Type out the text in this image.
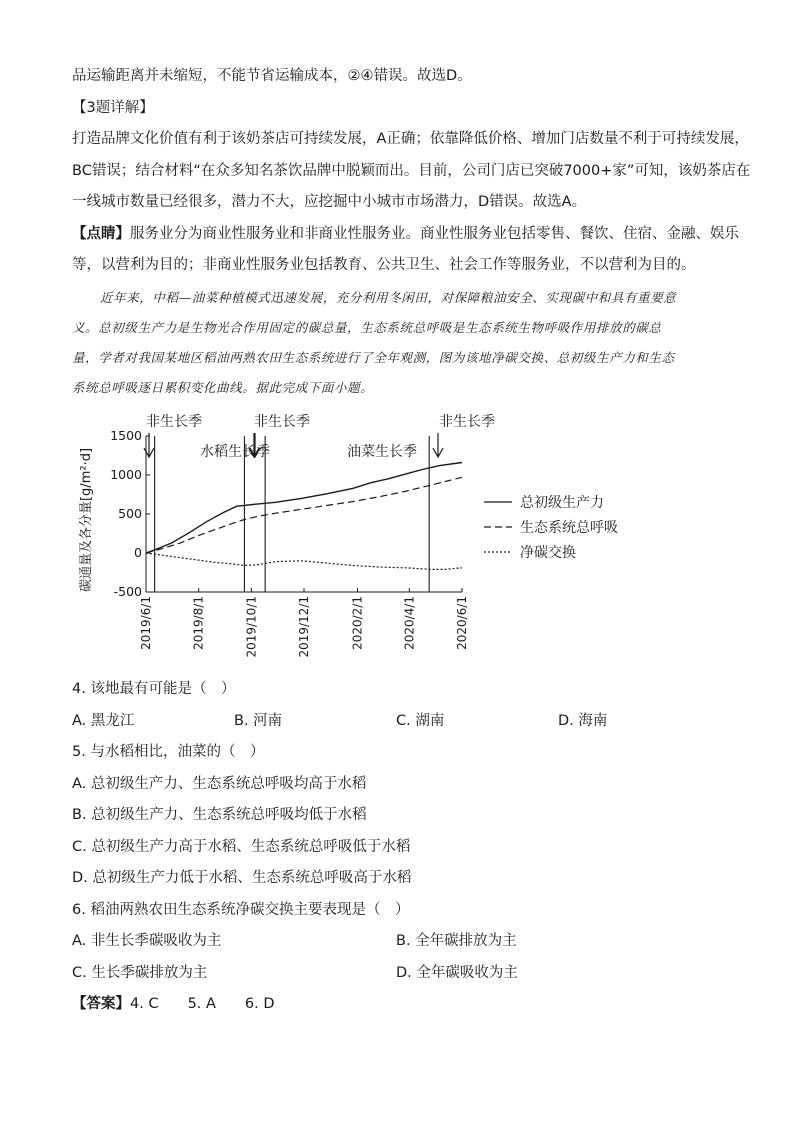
品运输距离并未缩短，不能节省运输成本，②④错误。故选D。
【3题详解】
打造品牌文化价值有利于该奶茶店可持续发展，A正确；依靠降低价格、增加门店数量不利于可持续发展，
BC错误；结合材料“在众多知名茶饮品牌中脱颖而出。目前，公司门店已突破7000+家”可知，该奶茶店在
一线城市数量已经很多，潜力不大，应挖掘中小城市市场潜力，D错误。故选A。
【点睛】服务业分为商业性服务业和非商业性服务业。商业性服务业包括零售、餐饮、住宿、金融、娱乐
等，以营利为目的；非商业性服务业包括教育、公共卫生、社会工作等服务业，不以营利为目的。
近年来，中稻—油菜种植模式迅速发展，充分利用冬闲田，对保障粮油安全、实现碳中和具有重要意
义。总初级生产力是生物光合作用固定的碳总量，生态系统总呼吸是生态系统生物呼吸作用排放的碳总
量，学者对我国某地区稻油两熟农田生态系统进行了全年观测，图为该地净碳交换、总初级生产力和生态
系统总呼吸逐日累积变化曲线。据此完成下面小题。
1500
1000
500
0
-500
2019/6/1	2019/8/1	2019/10/1	2019/12/1	2020/2/1	2020/4/1	2020/6/1
碳通量及各分量[g/m²·d]
非生长季
水稻生长季
非生长季
油菜生长季
非生长季
总初级生产力
生态系统总呼吸
净碳交换
4. 该地最有可能是（　）
A. 黑龙江	B. 河南	C. 湖南	D. 海南
5. 与水稻相比，油菜的（　）
A. 总初级生产力、生态系统总呼吸均高于水稻
B. 总初级生产力、生态系统总呼吸均低于水稻
C. 总初级生产力高于水稻、生态系统总呼吸低于水稻
D. 总初级生产力低于水稻、生态系统总呼吸高于水稻
6. 稻油两熟农田生态系统净碳交换主要表现是（　）
A. 非生长季碳吸收为主	B. 全年碳排放为主
C. 生长季碳排放为主	D. 全年碳吸收为主
【答案】4. C　　5. A　　6. D
